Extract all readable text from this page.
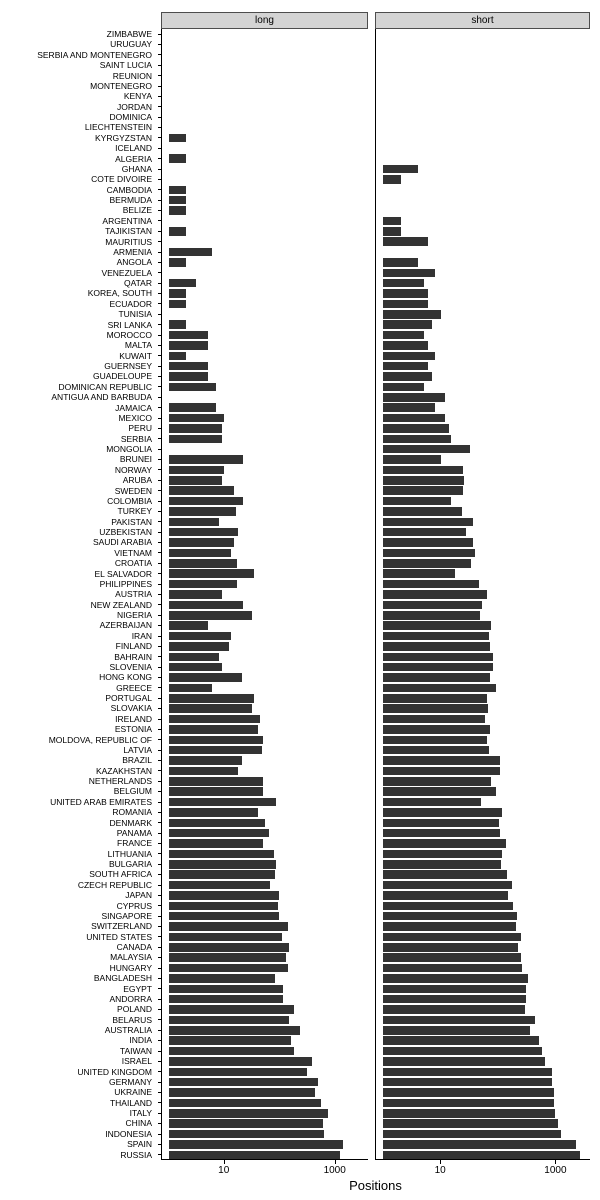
long	short
ZIMBABWE
URUGUAY
SERBIA AND MONTENEGRO
SAINT LUCIA
REUNION
MONTENEGRO
KENYA
JORDAN
DOMINICA
LIECHTENSTEIN
KYRGYZSTAN
ICELAND
ALGERIA
GHANA
COTE DIVOIRE
CAMBODIA
BERMUDA
BELIZE
ARGENTINA
TAJIKISTAN
MAURITIUS
ARMENIA
ANGOLA
VENEZUELA
QATAR
KOREA, SOUTH
ECUADOR
TUNISIA
SRI LANKA
MOROCCO
MALTA
KUWAIT
GUERNSEY
GUADELOUPE
DOMINICAN REPUBLIC
ANTIGUA AND BARBUDA
JAMAICA
MEXICO
PERU
SERBIA
MONGOLIA
BRUNEI
NORWAY
ARUBA
SWEDEN
COLOMBIA
TURKEY
PAKISTAN
UZBEKISTAN
SAUDI ARABIA
VIETNAM
CROATIA
EL SALVADOR
PHILIPPINES
AUSTRIA
NEW ZEALAND
NIGERIA
AZERBAIJAN
IRAN
FINLAND
BAHRAIN
SLOVENIA
HONG KONG
GREECE
PORTUGAL
SLOVAKIA
IRELAND
ESTONIA
MOLDOVA, REPUBLIC OF
LATVIA
BRAZIL
KAZAKHSTAN
NETHERLANDS
BELGIUM
UNITED ARAB EMIRATES
ROMANIA
DENMARK
PANAMA
FRANCE
LITHUANIA
BULGARIA
SOUTH AFRICA
CZECH REPUBLIC
JAPAN
CYPRUS
SINGAPORE
SWITZERLAND
UNITED STATES
CANADA
MALAYSIA
HUNGARY
BANGLADESH
EGYPT
ANDORRA
POLAND
BELARUS
AUSTRALIA
INDIA
TAIWAN
ISRAEL
UNITED KINGDOM
GERMANY
UKRAINE
THAILAND
ITALY
CHINA
INDONESIA
SPAIN
RUSSIA
10	1000	10	1000
Positions
